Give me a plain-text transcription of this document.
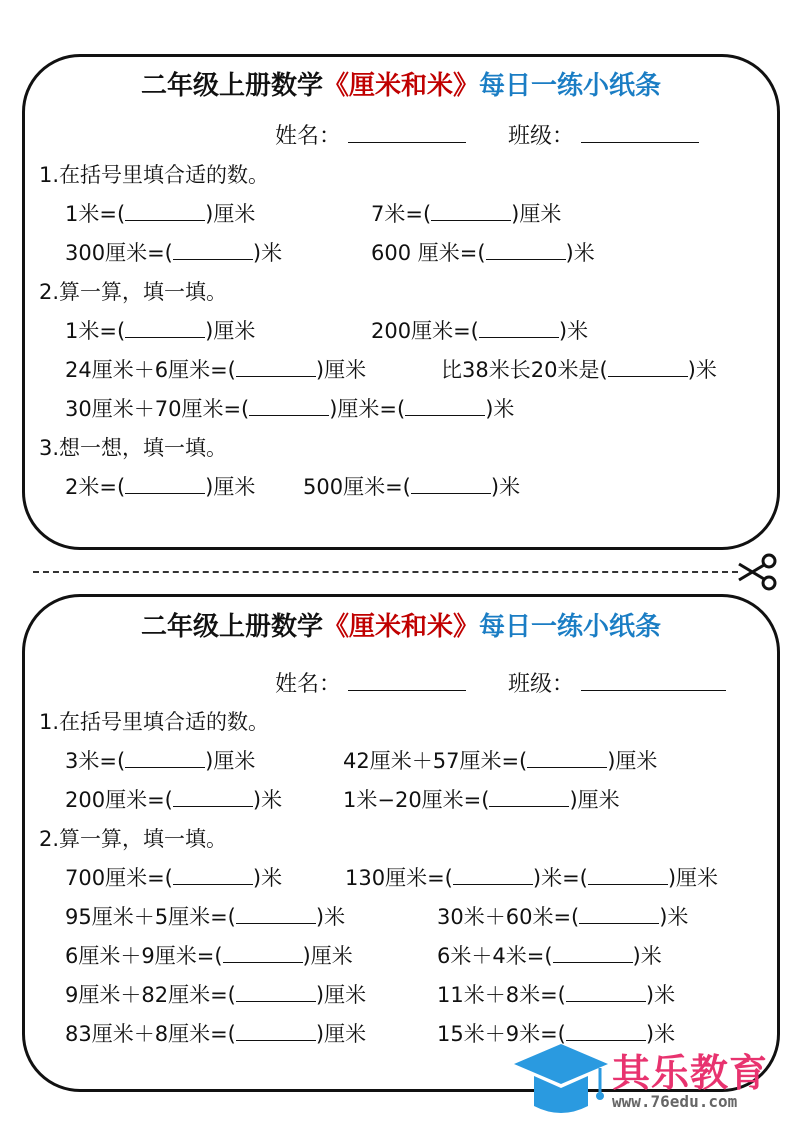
二年级上册数学《厘米和米》每日一练小纸条
姓名：	班级：
1.在括号里填合适的数。
1米=(	)厘米	7米=(	)厘米
300厘米=(	)米	600 厘米=(	)米
2.算一算，填一填。
1米=(	)厘米	200厘米=(	)米
24厘米＋6厘米=(	)厘米	比38米长20米是(	)米
30厘米＋70厘米=(	)厘米=(	)米
3.想一想，填一填。
2米=(	)厘米 500厘米=(	)米
二年级上册数学《厘米和米》每日一练小纸条
姓名：	班级：
1.在括号里填合适的数。
3米=(	)厘米	42厘米＋57厘米=(	)厘米
200厘米=(	)米	1米−20厘米=(	)厘米
2.算一算，填一填。
700厘米=(	)米	130厘米=(	)米=(	)厘米
95厘米＋5厘米=(	)米	30米＋60米=(	)米
6厘米＋9厘米=(	)厘米	6米＋4米=(	)米
9厘米＋82厘米=(	)厘米	11米＋8米=(	)米
83厘米＋8厘米=(	)厘米	15米＋9米=(	)米
其乐教育
www.76edu.com
